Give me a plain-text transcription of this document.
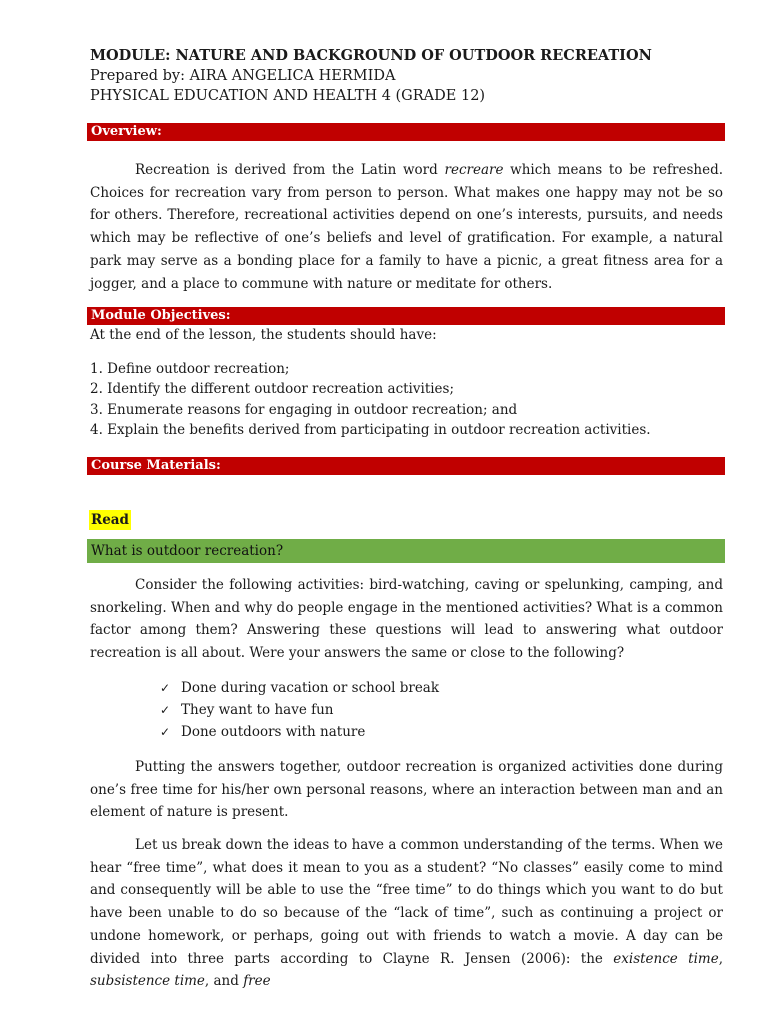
MODULE: NATURE AND BACKGROUND OF OUTDOOR RECREATION
Prepared by: AIRA ANGELICA HERMIDA
PHYSICAL EDUCATION AND HEALTH 4 (GRADE 12)
Overview:

Recreation is derived from the Latin word recreare which means to be refreshed. Choices for recreation vary from person to person. What makes one happy may not be so for others. Therefore, recreational activities depend on one’s interests, pursuits, and needs which may be reflective of one’s beliefs and level of gratification. For example, a natural park may serve as a bonding place for a family to have a picnic, a great fitness area for a jogger, and a place to commune with nature or meditate for others.

Module Objectives:
At the end of the lesson, the students should have:
1. Define outdoor recreation;
2. Identify the different outdoor recreation activities;
3. Enumerate reasons for engaging in outdoor recreation; and
4. Explain the benefits derived from participating in outdoor recreation activities.
Course Materials:
Read
What is outdoor recreation?

Consider the following activities: bird-watching, caving or spelunking, camping, and snorkeling. When and why do people engage in the mentioned activities? What is a common factor among them? Answering these questions will lead to answering what outdoor recreation is all about. Were your answers the same or close to the following?

✓ Done during vacation or school break
✓ They want to have fun
✓ Done outdoors with nature

Putting the answers together, outdoor recreation is organized activities done during one’s free time for his/her own personal reasons, where an interaction between man and an element of nature is present.

Let us break down the ideas to have a common understanding of the terms. When we hear “free time”, what does it mean to you as a student? “No classes” easily come to mind and consequently will be able to use the “free time” to do things which you want to do but have been unable to do so because of the “lack of time”, such as continuing a project or undone homework, or perhaps, going out with friends to watch a movie. A day can be divided into three parts according to Clayne R. Jensen (2006): the existence time, subsistence time, and free
